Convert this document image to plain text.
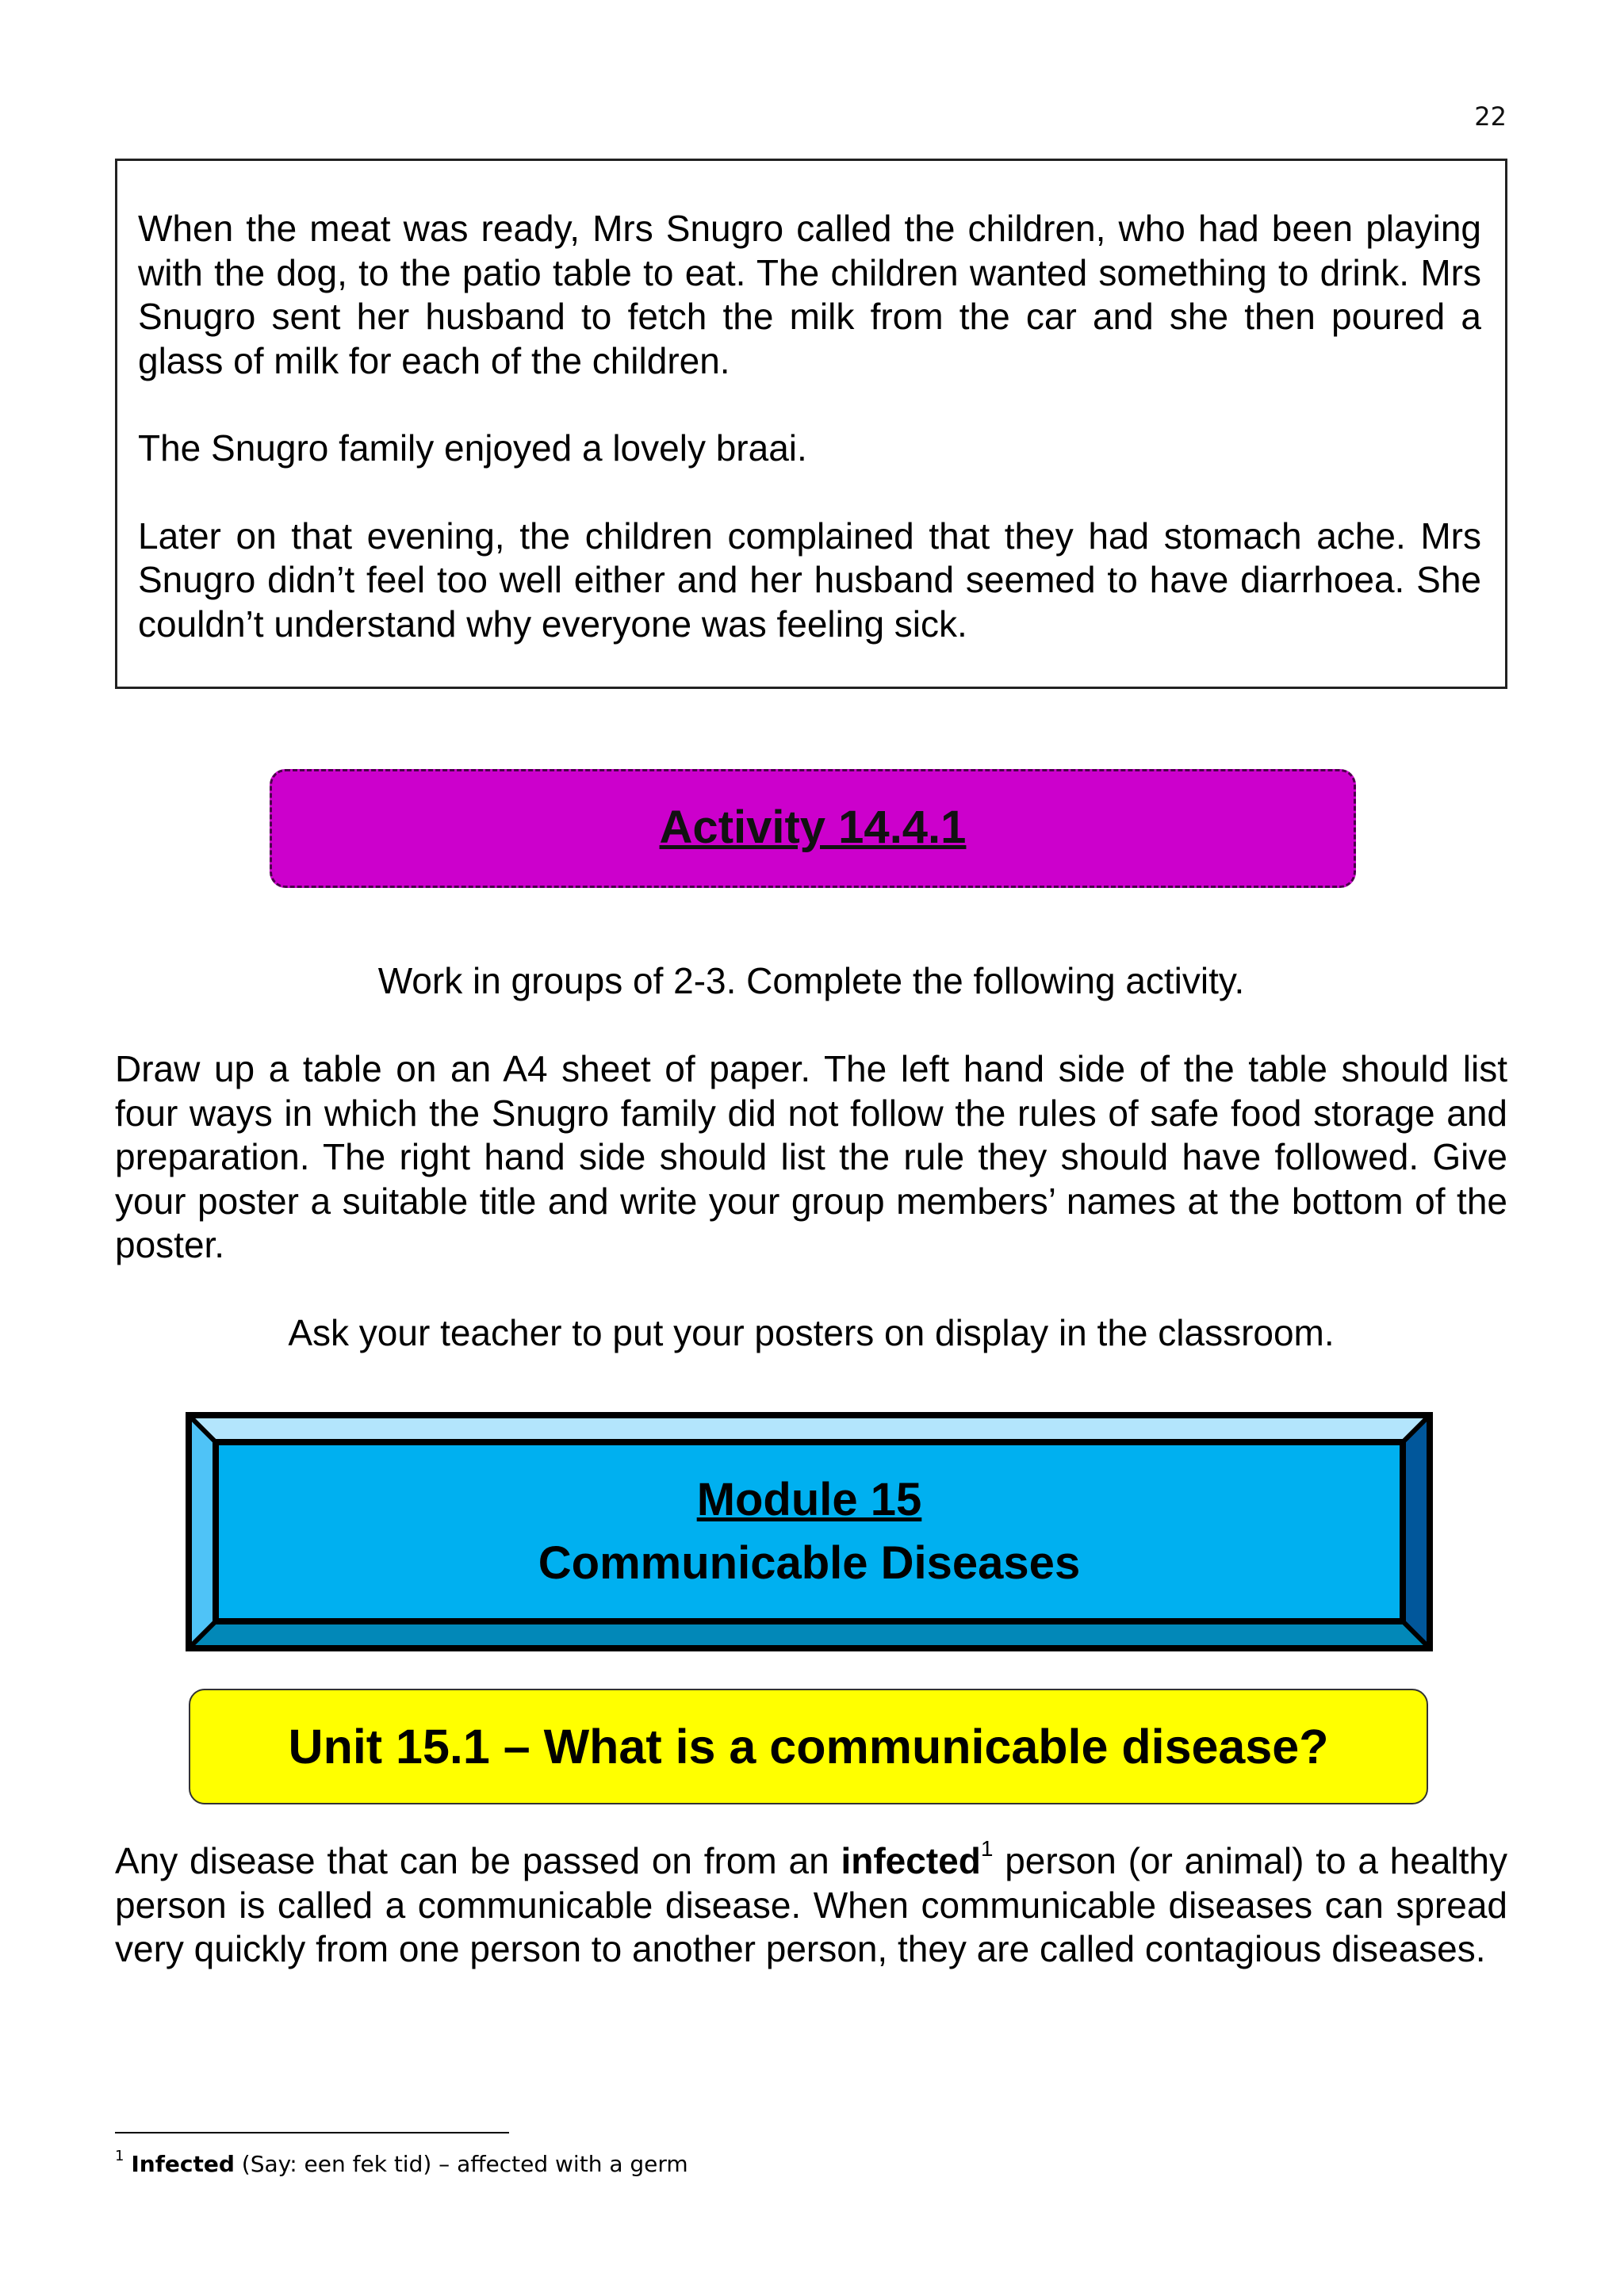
22

When the meat was ready, Mrs Snugro called the children, who had been playing with the dog, to the patio table to eat. The children wanted something to drink. Mrs Snugro sent her husband to fetch the milk from the car and she then poured a glass of milk for each of the children.

The Snugro family enjoyed a lovely braai.

Later on that evening, the children complained that they had stomach ache. Mrs Snugro didn’t feel too well either and her husband seemed to have diarrhoea. She couldn’t understand why everyone was feeling sick.

Activity 14.4.1

Work in groups of 2-3. Complete the following activity.

Draw up a table on an A4 sheet of paper. The left hand side of the table should list four ways in which the Snugro family did not follow the rules of safe food storage and preparation. The right hand side should list the rule they should have followed. Give your poster a suitable title and write your group members’ names at the bottom of the poster.

Ask your teacher to put your posters on display in the classroom.

Module 15
Communicable Diseases
Unit 15.1 – What is a communicable disease?

Any disease that can be passed on from an infected$^1$ person (or animal) to a healthy person is called a communicable disease. When communicable diseases can spread very quickly from one person to another person, they are called contagious diseases.

$^1$ Infected (Say: een fek tid) – affected with a germ
